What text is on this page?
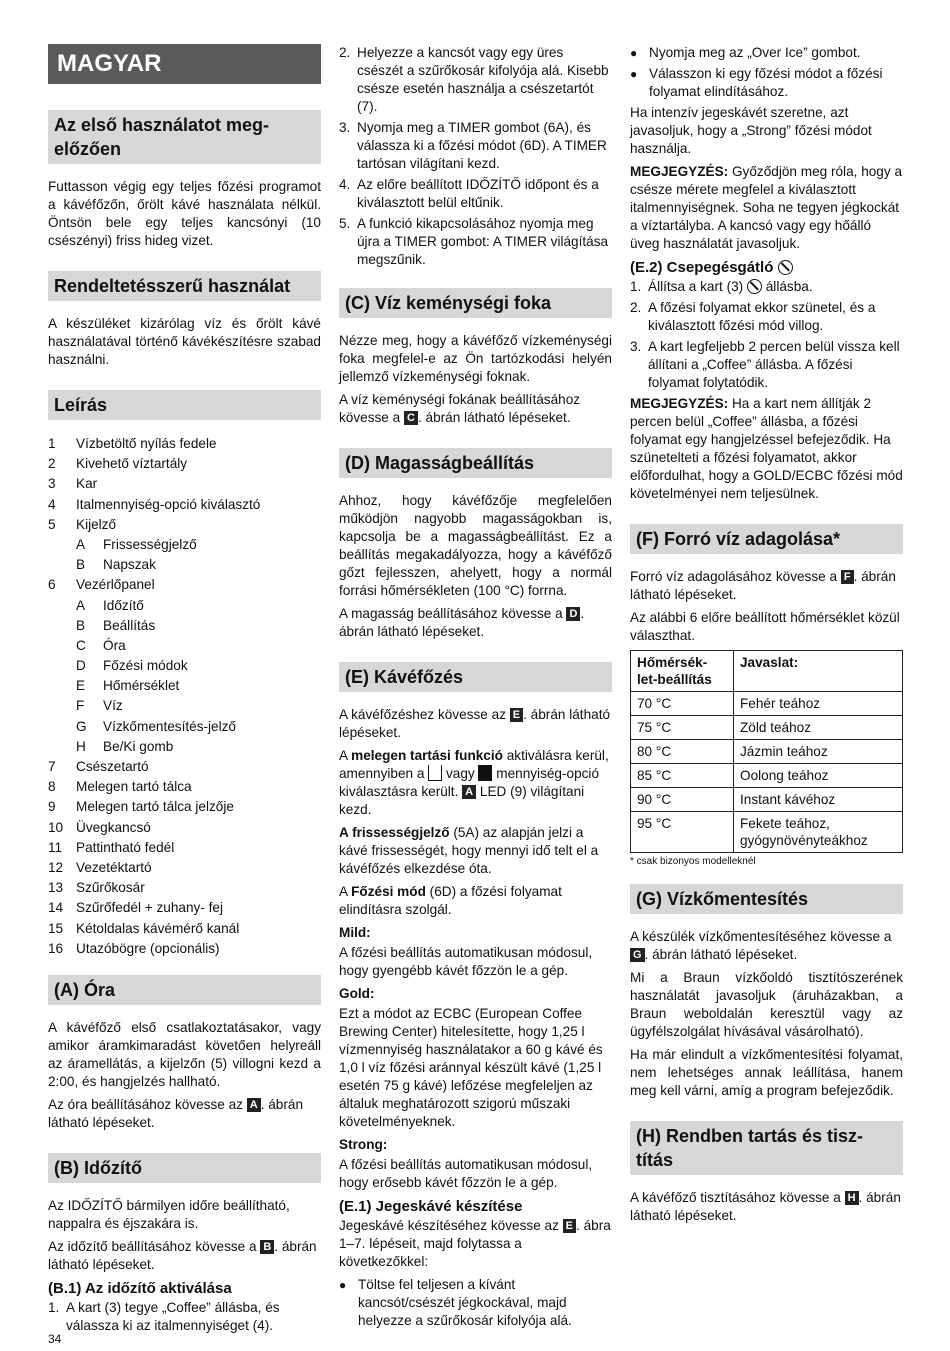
MAGYAR
Az első használatot meg-előzően

Futtasson végig egy teljes főzési programot a kávéfőzőn, őrölt kávé használata nélkül. Öntsön bele egy teljes kancsónyi (10 csészényi) friss hideg vizet.

Rendeltetésszerű használat

A készüléket kizárólag víz és őrölt kávé használatával történő kávékészítésre szabad használni.

Leírás
1	Vízbetöltő nyílás fedele
2	Kivehető víztartály
3	Kar
4	Italmennyiség-opció kiválasztó
5	Kijelző
A	Frissességjelző
B	Napszak
6	Vezérlőpanel
A	Időzítő
B	Beállítás
C	Óra
D	Főzési módok
E	Hőmérséklet
F	Víz
G	Vízkőmentesítés-jelző
H	Be/Ki gomb
7	Csészetartó
8	Melegen tartó tálca
9	Melegen tartó tálca jelzője
10 Üvegkancsó
11	Pattintható fedél
12 Vezetéktartó
13 Szűrőkosár
14 Szűrőfedél + zuhany- fej
15 Kétoldalas kávémérő kanál
16 Utazóbögre (opcionális)
(A) Óra

A kávéfőző első csatlakoztatásakor, vagy amikor áramkimaradást követően helyreáll az áramellátás, a kijelzőn (5) villogni kezd a 2:00, és hangjelzés hallható.

Az óra beállításához kövesse az A . ábrán látható lépéseket.

(B) Időzítő

Az IDŐZÍTŐ bármilyen időre beállítható, nappalra és éjszakára is.

Az időzítő beállításához kövesse a B . ábrán látható lépéseket.

(B.1) Az időzítő aktiválása
1. A kart (3) tegye „Coffee” állásba, és válassza ki az italmennyiséget (4).
2. Helyezze a kancsót vagy egy üres csészét a szűrőkosár kifolyója alá. Kisebb csésze esetén használja a csészetartót (7).
3. Nyomja meg a TIMER gombot (6A), és válassza ki a főzési módot (6D). A TIMER tartósan világítani kezd.
4. Az előre beállított IDŐZÍTŐ időpont és a kiválasztott belül eltűnik.
5. A funkció kikapcsolásához nyomja meg újra a TIMER gombot: A TIMER világítása megszűnik.
(C) Víz keménységi foka

Nézze meg, hogy a kávéfőző vízkeménységi foka megfelel-e az Ön tartózkodási helyén jellemző vízkeménységi foknak.

A víz keménységi fokának beállításához kövesse a C . ábrán látható lépéseket.

(D) Magasságbeállítás

Ahhoz, hogy kávéfőzője megfelelően működjön nagyobb magasságokban is, kapcsolja be a magasságbeállítást. Ez a beállítás megakadályozza, hogy a kávéfőző gőzt fejlesszen, ahelyett, hogy a normál forrási hőmérsékleten (100 °C) forrna.

A magasság beállításához kövesse a D . ábrán látható lépéseket.

(E) Kávéfőzés

A kávéfőzéshez kövesse az E . ábrán látható lépéseket.

A melegen tartási funkció aktiválásra kerül, amennyiben a vagy mennyiség-opció kiválasztásra került. A LED (9) világítani kezd.

A frissességjelző (5A) az alapján jelzi a kávé frissességét, hogy mennyi idő telt el a kávéfőzés elkezdése óta.

A Főzési mód (6D) a főzési folyamat elindításra szolgál.

Mild:

A főzési beállítás automatikusan módosul, hogy gyengébb kávét főzzön le a gép.

Gold:

Ezt a módot az ECBC (European Coffee Brewing Center) hitelesítette, hogy 1,25 l vízmennyiség használatakor a 60 g kávé és 1,0 l víz főzési aránnyal készült kávé (1,25 l esetén 75 g kávé) lefőzése megfeleljen az általuk meghatározott szigorú műszaki követelményeknek.

Strong:

A főzési beállítás automatikusan módosul, hogy erősebb kávét főzzön le a gép.

(E.1) Jegeskávé készítése

Jegeskávé készítéséhez kövesse az E . ábra 1–7. lépéseit, majd folytassa a következőkkel:

● Töltse fel teljesen a kívánt kancsót/csészét jégkockával, majd helyezze a szűrőkosár kifolyója alá.
● Nyomja meg az „Over Ice” gombot.
● Válasszon ki egy főzési módot a főzési folyamat elindításához.

Ha intenzív jegeskávét szeretne, azt javasoljuk, hogy a „Strong” főzési módot használja.

MEGJEGYZÉS: Győződjön meg róla, hogy a csésze mérete megfelel a kiválasztott italmennyiségnek. Soha ne tegyen jégkockát a víztartályba. A kancsó vagy egy hőálló üveg használatát javasoljuk.

(E.2) Csepegésgátló
1. Állítsa a kart (3) állásba.
2. A főzési folyamat ekkor szünetel, és a kiválasztott főzési mód villog.
3. A kart legfeljebb 2 percen belül vissza kell állítani a „Coffee” állásba. A főzési folyamat folytatódik.

MEGJEGYZÉS: Ha a kart nem állítják 2 percen belül „Coffee” állásba, a főzési folyamat egy hangjelzéssel befejeződik. Ha szünetelteti a főzési folyamatot, akkor előfordulhat, hogy a GOLD/ECBC főzési mód követelményei nem teljesülnek.

(F) Forró víz adagolása*

Forró víz adagolásához kövesse a F . ábrán látható lépéseket.

Az alábbi 6 előre beállított hőmérséklet közül választhat.

Hőmérsék-let-beállítás	Javaslat:
70 °C	Fehér teához
75 °C	Zöld teához
80 °C	Jázmin teához
85 °C	Oolong teához
90 °C	Instant kávéhoz
95 °C	Fekete teához, gyógynövényteákhoz
* csak bizonyos modelleknél
(G) Vízkőmentesítés

A készülék vízkőmentesítéséhez kövesse a G . ábrán látható lépéseket.

Mi a Braun vízkőoldó tisztítószerének használatát javasoljuk (áruházakban, a Braun weboldalán keresztül vagy az ügyfélszolgálat hívásával vásárolható).

Ha már elindult a vízkőmentesítési folyamat, nem lehetséges annak leállítása, hanem meg kell várni, amíg a program befejeződik.

(H) Rendben tartás és tisz-títás

A kávéfőző tisztításához kövesse a H . ábrán látható lépéseket.

34
